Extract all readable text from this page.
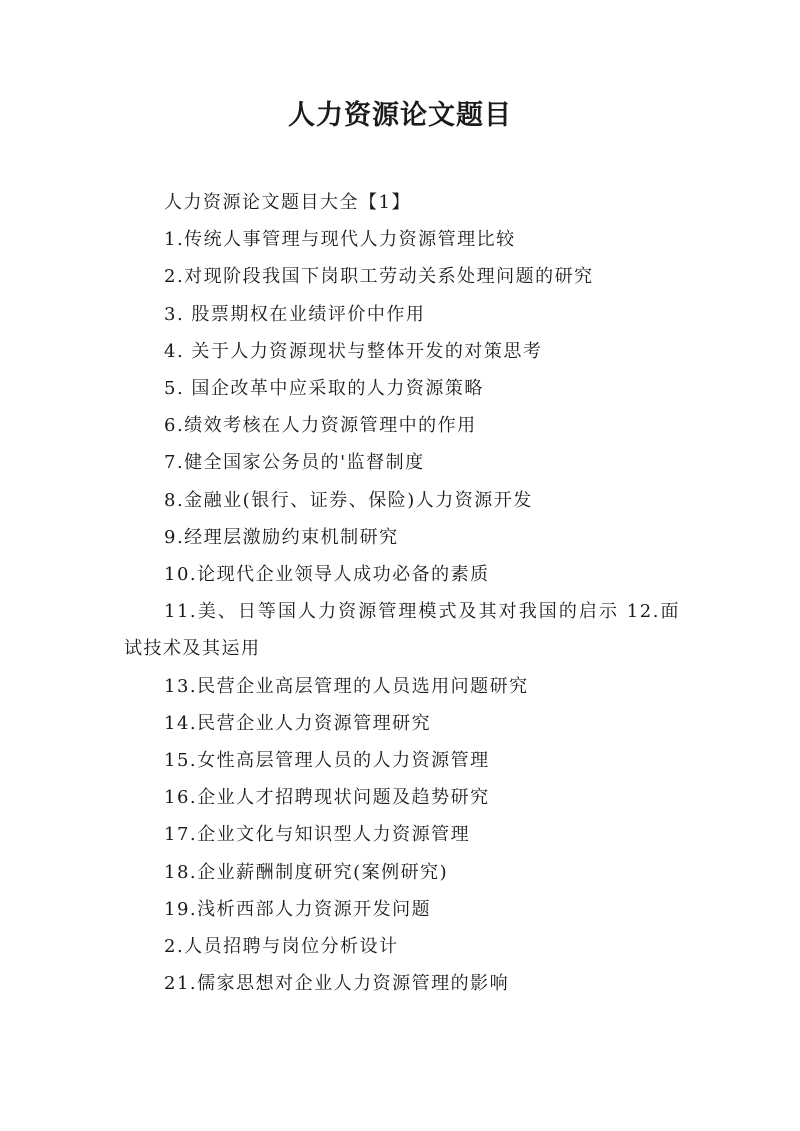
人力资源论文题目
人力资源论文题目大全【1】
1.传统人事管理与现代人力资源管理比较
2.对现阶段我国下岗职工劳动关系处理问题的研究
3. 股票期权在业绩评价中作用
4. 关于人力资源现状与整体开发的对策思考
5. 国企改革中应采取的人力资源策略
6.绩效考核在人力资源管理中的作用
7.健全国家公务员的'监督制度
8.金融业(银行、证券、保险)人力资源开发
9.经理层激励约束机制研究
10.论现代企业领导人成功必备的素质
11.美、日等国人力资源管理模式及其对我国的启示 12.面试技术及其运用
13.民营企业高层管理的人员选用问题研究
14.民营企业人力资源管理研究
15.女性高层管理人员的人力资源管理
16.企业人才招聘现状问题及趋势研究
17.企业文化与知识型人力资源管理
18.企业薪酬制度研究(案例研究)
19.浅析西部人力资源开发问题
2.人员招聘与岗位分析设计
21.儒家思想对企业人力资源管理的影响
